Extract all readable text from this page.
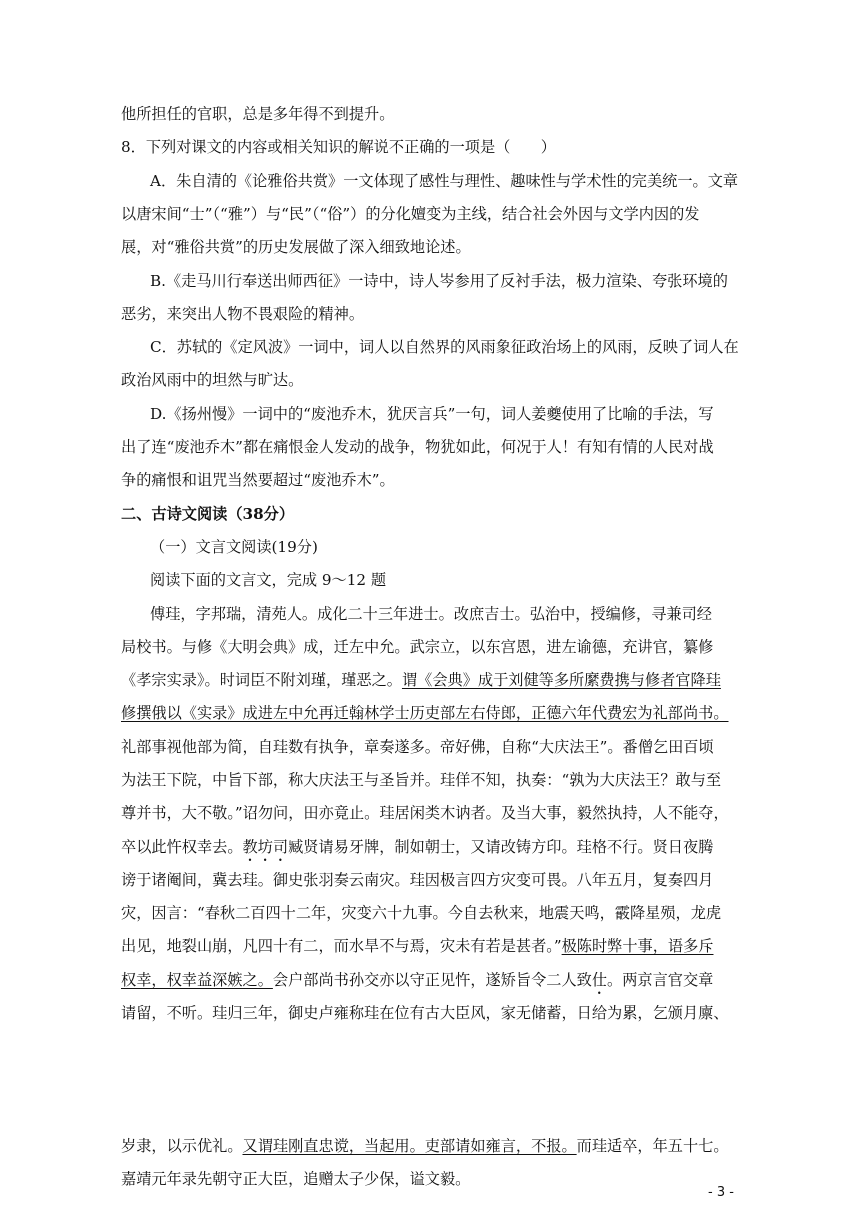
他所担任的官职，总是多年得不到提升。
8．下列对课文的内容或相关知识的解说不正确的一项是（　　）
A．朱自清的《论雅俗共赏》一文体现了感性与理性、趣味性与学术性的完美统一。文章
以唐宋间“士”（“雅”）与“民”（“俗”）的分化嬗变为主线，结合社会外因与文学内因的发
展，对“雅俗共赏”的历史发展做了深入细致地论述。
B.《走马川行奉送出师西征》一诗中，诗人岑参用了反衬手法，极力渲染、夸张环境的
恶劣，来突出人物不畏艰险的精神。
C．苏轼的《定风波》一词中，词人以自然界的风雨象征政治场上的风雨，反映了词人在
政治风雨中的坦然与旷达。
D.《扬州慢》一词中的“废池乔木，犹厌言兵”一句，词人姜夔使用了比喻的手法，写
出了连“废池乔木”都在痛恨金人发动的战争，物犹如此，何况于人！有知有情的人民对战
争的痛恨和诅咒当然要超过“废池乔木”。
二、古诗文阅读（38分）
（一）文言文阅读(19分)
阅读下面的文言文，完成 9～12 题
傅珪，字邦瑞，清苑人。成化二十三年进士。改庶吉士。弘治中，授编修，寻兼司经
局校书。与修《大明会典》成，迁左中允。武宗立，以东宫恩，进左谕德，充讲官，纂修
《孝宗实录》。时词臣不附刘瑾，瑾恶之。谓《会典》成于刘健等多所縻费携与修者官降珪
修撰俄以《实录》成进左中允再迁翰林学士历吏部左右侍郎，正德六年代费宏为礼部尚书。
礼部事视他部为简，自珪数有执争，章奏遂多。帝好佛，自称“大庆法王”。番僧乞田百顷
为法王下院，中旨下部，称大庆法王与圣旨并。珪佯不知，执奏：“孰为大庆法王？敢与至
尊并书，大不敬。”诏勿问，田亦竟止。珪居闲类木讷者。及当大事，毅然执持，人不能夺，
卒以此忤权幸去。教坊司臧贤请易牙牌，制如朝士，又请改铸方印。珪格不行。贤日夜腾
谤于诸阉间，冀去珪。御史张羽奏云南灾。珪因极言四方灾变可畏。八年五月，复奏四月
灾，因言：“春秋二百四十二年，灾变六十九事。今自去秋来，地震天鸣，霰降星殒，龙虎
出见，地裂山崩，凡四十有二，而水旱不与焉，灾未有若是甚者。”极陈时弊十事，语多斥
权幸，权幸益深嫉之。会户部尚书孙交亦以守正见忤，遂矫旨令二人致仕。两京言官交章
请留，不听。珪归三年，御史卢雍称珪在位有古大臣风，家无储蓄，日给为累，乞颁月廪、
岁隶，以示优礼。又谓珪刚直忠谠，当起用。吏部请如雍言，不报。而珪适卒，年五十七。
嘉靖元年录先朝守正大臣，追赠太子少保，谥文毅。
- 3 -
